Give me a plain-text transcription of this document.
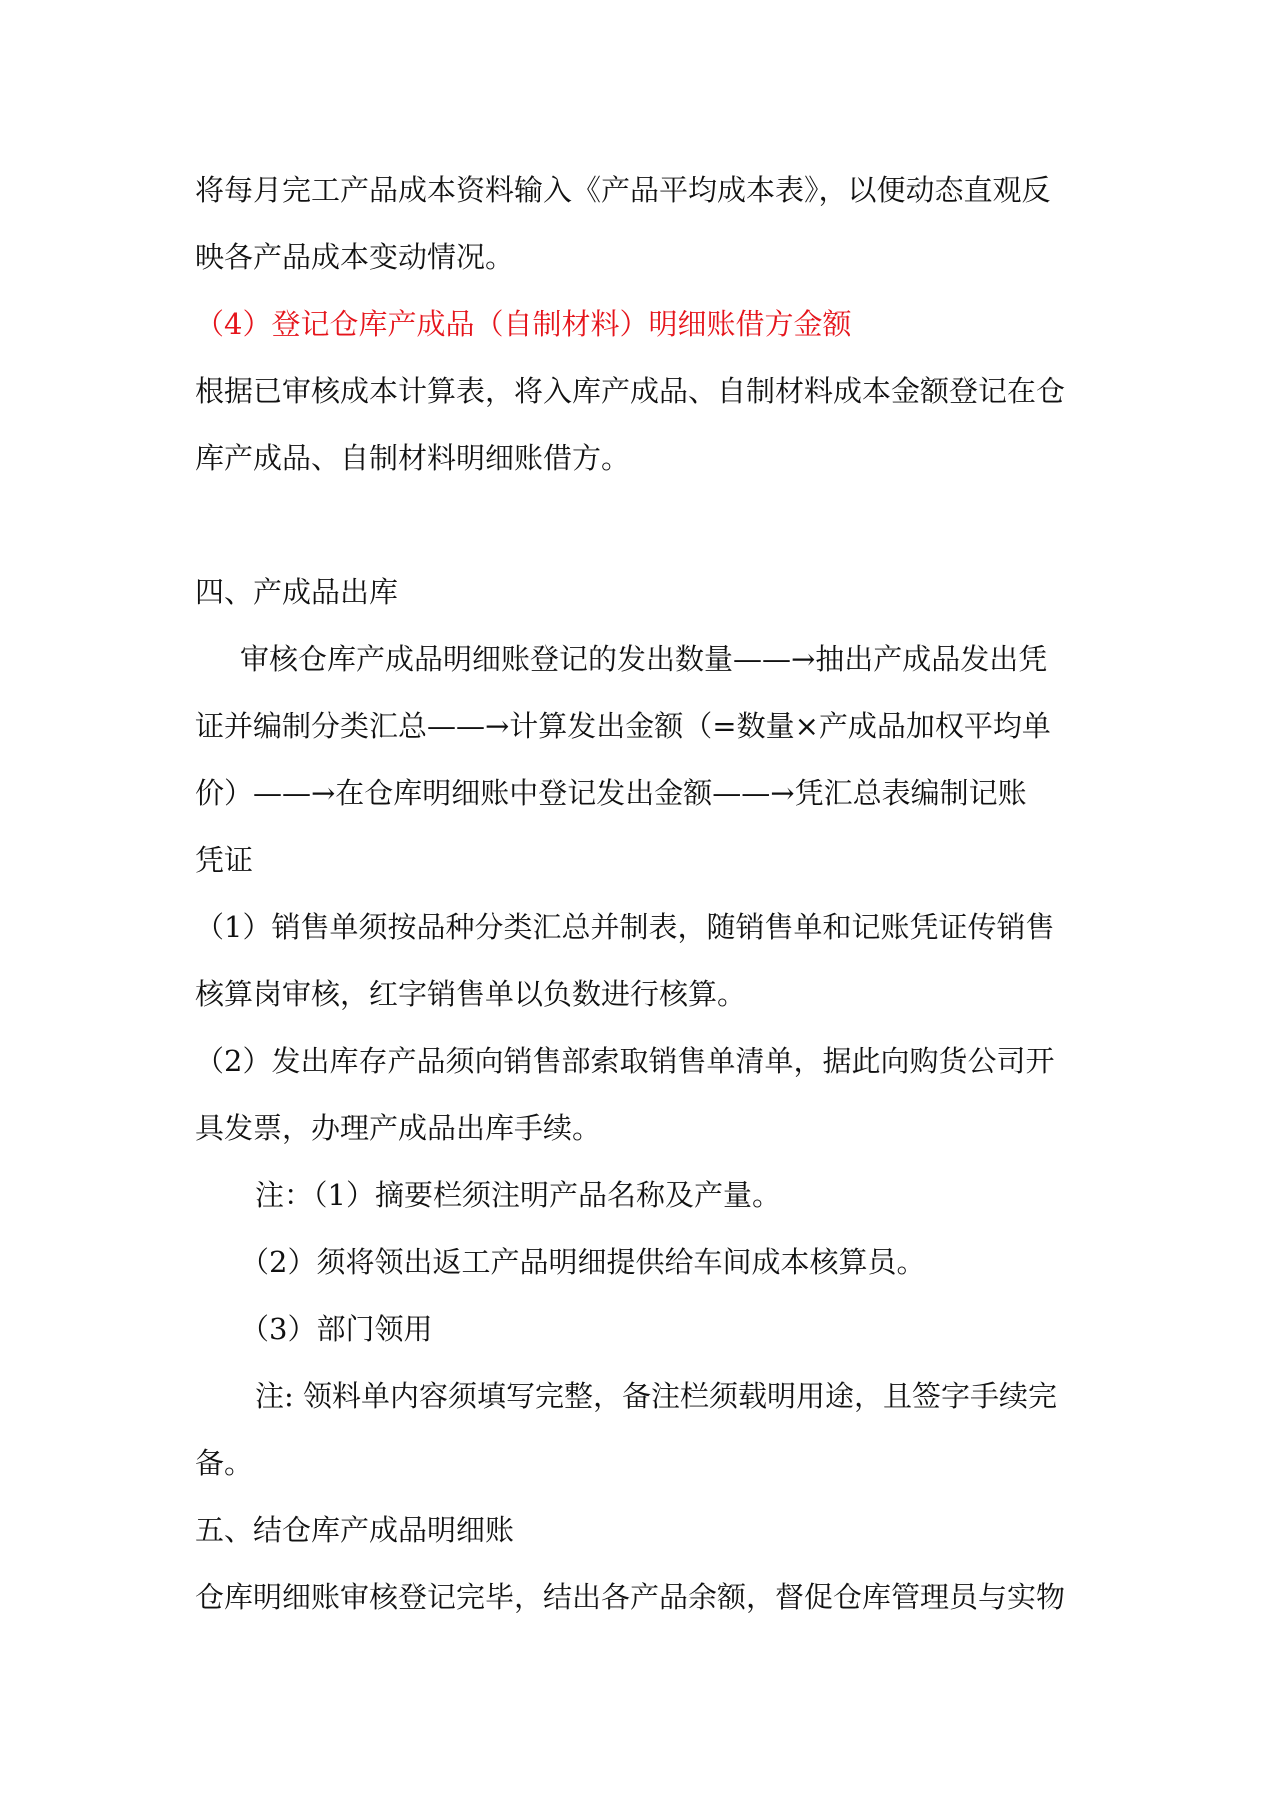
将每月完工产品成本资料输入《产品平均成本表》，以便动态直观反
映各产品成本变动情况。
（4）登记仓库产成品（自制材料）明细账借方金额
根据已审核成本计算表，将入库产成品、自制材料成本金额登记在仓
库产成品、自制材料明细账借方。
四、产成品出库
审核仓库产成品明细账登记的发出数量——→抽出产成品发出凭
证并编制分类汇总——→计算发出金额（=数量×产成品加权平均单
价）——→在仓库明细账中登记发出金额——→凭汇总表编制记账
凭证
（1）销售单须按品种分类汇总并制表，随销售单和记账凭证传销售
核算岗审核，红字销售单以负数进行核算。
（2）发出库存产品须向销售部索取销售单清单，据此向购货公司开
具发票，办理产成品出库手续。
注：（1）摘要栏须注明产品名称及产量。
（2）须将领出返工产品明细提供给车间成本核算员。
（3）部门领用
注: 领料单内容须填写完整，备注栏须载明用途，且签字手续完
备。
五、结仓库产成品明细账
仓库明细账审核登记完毕，结出各产品余额，督促仓库管理员与实物
